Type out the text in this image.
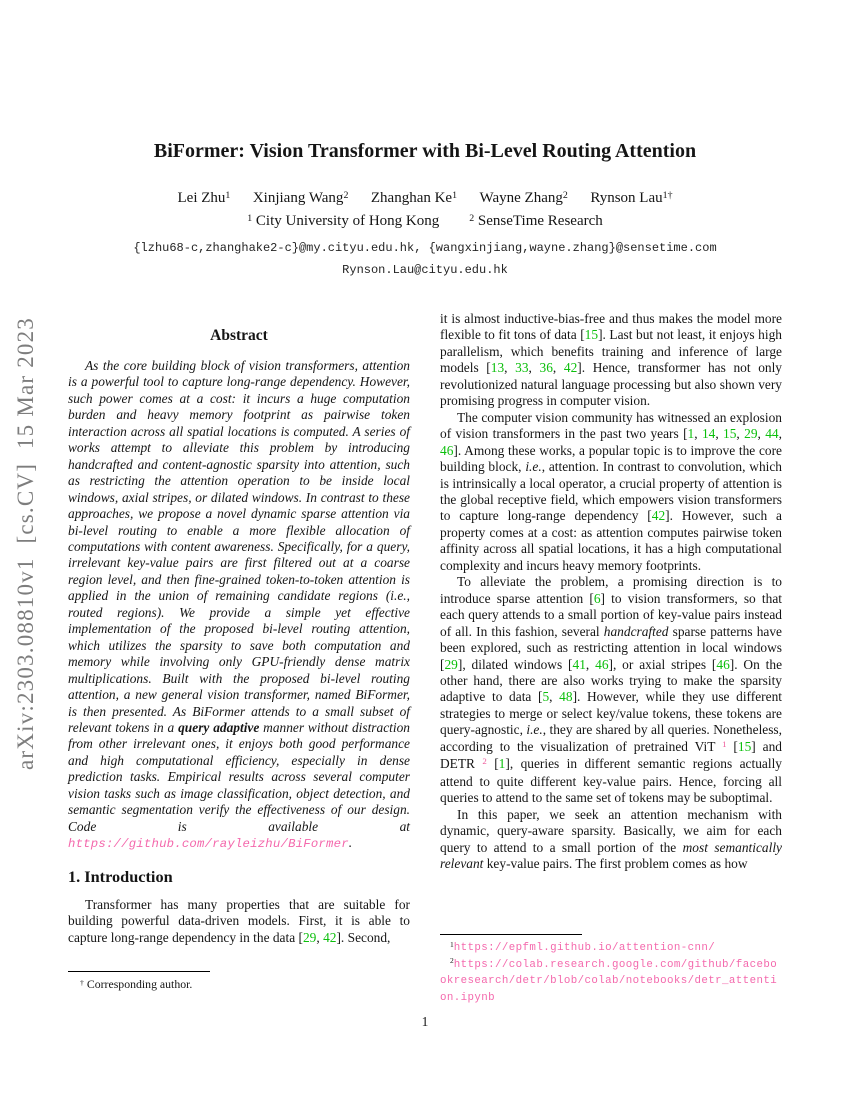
arXiv:2303.08810v1  [cs.CV]  15 Mar 2023
BiFormer: Vision Transformer with Bi-Level Routing Attention
Lei Zhu$^1$   Xinjiang Wang$^2$   Zhanghan Ke$^1$   Wayne Zhang$^2$   Rynson Lau$^{1\dagger}$
$^1$ City University of Hong Kong  	$^2$ SenseTime Research
{lzhu68-c,zhanghake2-c}@my.cityu.edu.hk, {wangxinjiang,wayne.zhang}@sensetime.com
Rynson.Lau@cityu.edu.hk
Abstract

As the core building block of vision transformers, attention is a powerful tool to capture long-range dependency. However, such power comes at a cost: it incurs a huge computation burden and heavy memory footprint as pairwise token interaction across all spatial locations is computed. A series of works attempt to alleviate this problem by introducing handcrafted and content-agnostic sparsity into attention, such as restricting the attention operation to be inside local windows, axial stripes, or dilated windows. In contrast to these approaches, we propose a novel dynamic sparse attention via bi-level routing to enable a more flexible allocation of computations with content awareness. Specifically, for a query, irrelevant key-value pairs are first filtered out at a coarse region level, and then fine-grained token-to-token attention is applied in the union of remaining candidate regions (i.e., routed regions). We provide a simple yet effective implementation of the proposed bi-level routing attention, which utilizes the sparsity to save both computation and memory while involving only GPU-friendly dense matrix multiplications. Built with the proposed bi-level routing attention, a new general vision transformer, named BiFormer, is then presented. As BiFormer attends to a small subset of relevant tokens in a query adaptive manner without distraction from other irrelevant ones, it enjoys both good performance and high computational efficiency, especially in dense prediction tasks. Empirical results across several computer vision tasks such as image classification, object detection, and semantic segmentation verify the effectiveness of our design. Code is available at https://github.com/rayleizhu/BiFormer.

1. Introduction

Transformer has many properties that are suitable for building powerful data-driven models. First, it is able to capture long-range dependency in the data [29, 42]. Second,

† Corresponding author.

it is almost inductive-bias-free and thus makes the model more flexible to fit tons of data [15]. Last but not least, it enjoys high parallelism, which benefits training and inference of large models [13, 33, 36, 42]. Hence, transformer has not only revolutionized natural language processing but also shown very promising progress in computer vision.

The computer vision community has witnessed an explosion of vision transformers in the past two years [1, 14, 15, 29, 44, 46]. Among these works, a popular topic is to improve the core building block, i.e., attention. In contrast to convolution, which is intrinsically a local operator, a crucial property of attention is the global receptive field, which empowers vision transformers to capture long-range dependency [42]. However, such a property comes at a cost: as attention computes pairwise token affinity across all spatial locations, it has a high computational complexity and incurs heavy memory footprints.

To alleviate the problem, a promising direction is to introduce sparse attention [6] to vision transformers, so that each query attends to a small portion of key-value pairs instead of all. In this fashion, several handcrafted sparse patterns have been explored, such as restricting attention in local windows [29], dilated windows [41, 46], or axial stripes [46]. On the other hand, there are also works trying to make the sparsity adaptive to data [5, 48]. However, while they use different strategies to merge or select key/value tokens, these tokens are query-agnostic, i.e., they are shared by all queries. Nonetheless, according to the visualization of pretrained ViT $^1$ [15] and DETR $^2$ [1], queries in different semantic regions actually attend to quite different key-value pairs. Hence, forcing all queries to attend to the same set of tokens may be suboptimal.

In this paper, we seek an attention mechanism with dynamic, query-aware sparsity. Basically, we aim for each query to attend to a small portion of the most semantically relevant key-value pairs. The first problem comes as how

$^1$https://epfml.github.io/attention-cnn/
$^2$https://colab.research.google.com/github/facebookresearch/detr/blob/colab/notebooks/detr_attention.ipynb
1
